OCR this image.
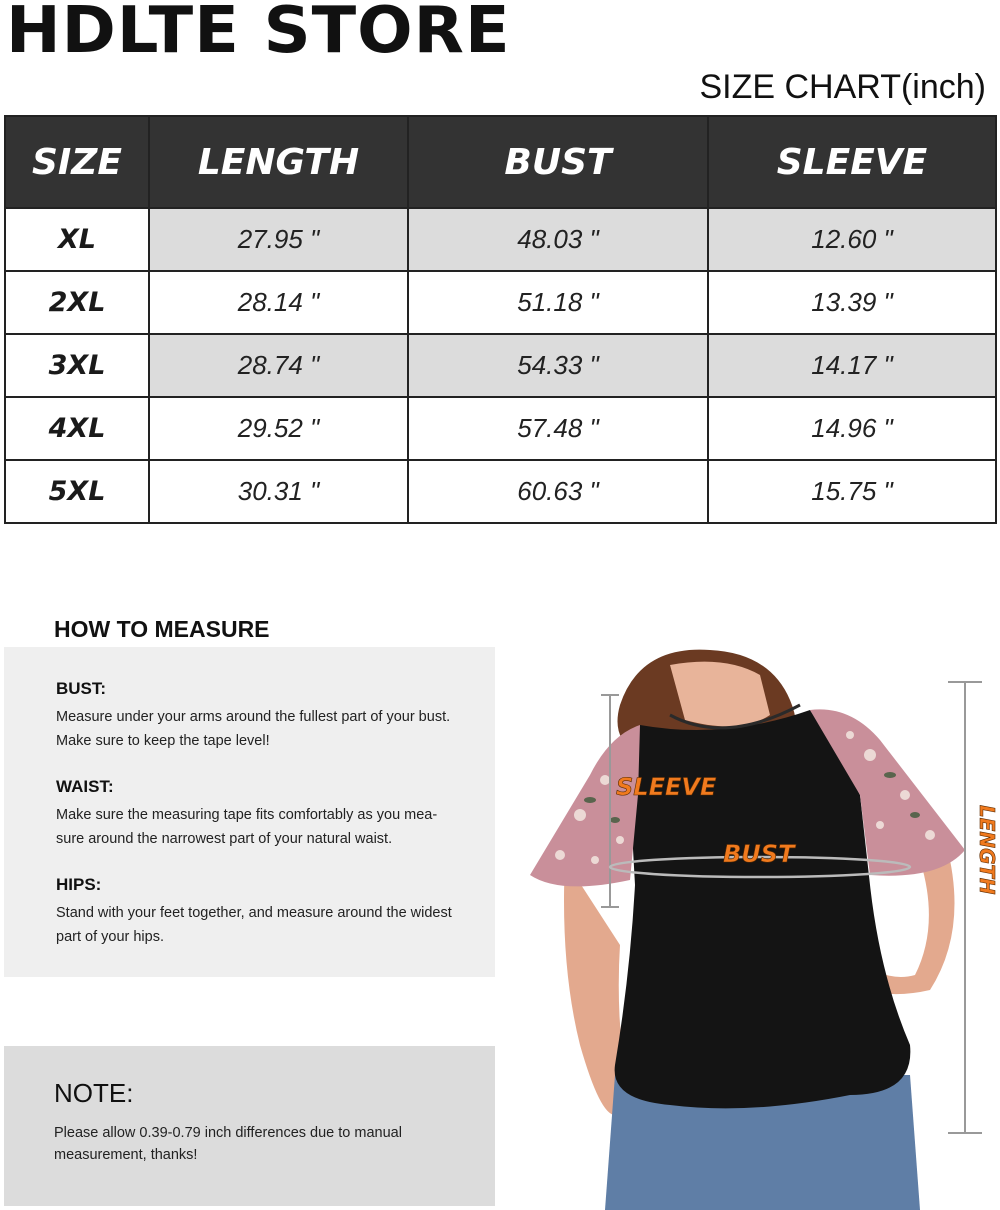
HDLTE STORE
SIZE CHART(inch)
SIZE	LENGTH	BUST	SLEEVE
XL	27.95 "	48.03 "	12.60 "
2XL	28.14 "	51.18 "	13.39 "
3XL	28.74 "	54.33 "	14.17 "
4XL	29.52 "	57.48 "	14.96 "
5XL	30.31 "	60.63 "	15.75 "
HOW TO MEASURE
BUST:
Measure under your arms around the fullest part of your bust.
Make sure to keep the tape level!
WAIST:
Make sure the measuring tape fits comfortably as you mea-
sure around the narrowest part of your natural waist.
HIPS:
Stand with your feet together, and measure around the widest
part of your hips.
NOTE:
Please allow 0.39-0.79 inch differences due to manual
measurement, thanks!
SLEEVE
BUST	LENGTH
